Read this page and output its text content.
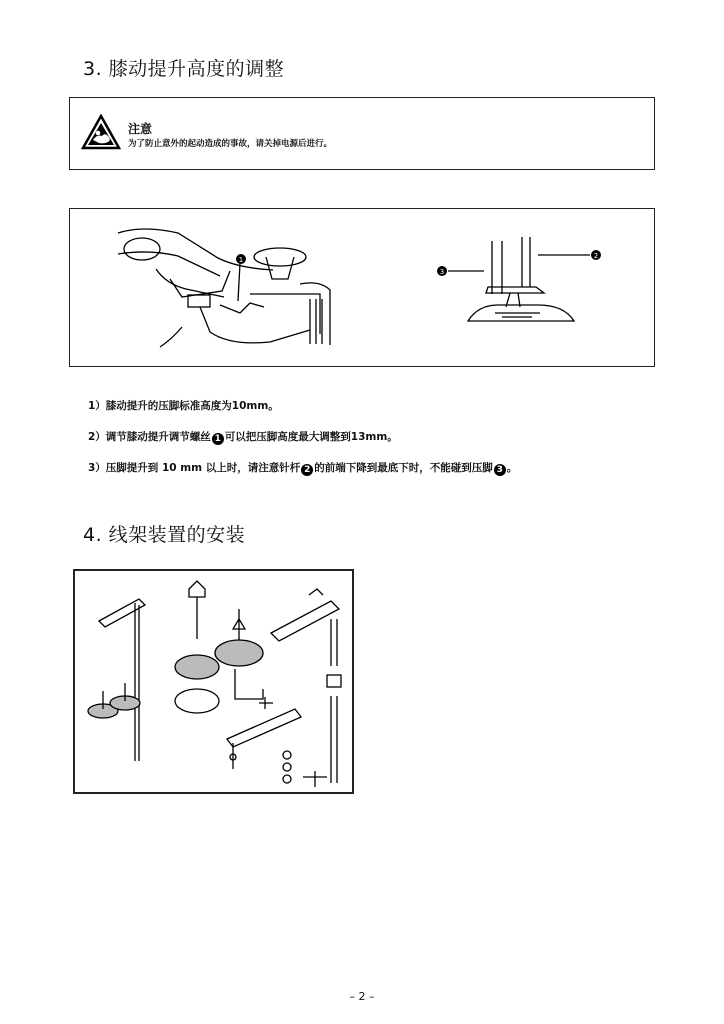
3. 膝动提升高度的调整
注意
为了防止意外的起动造成的事故，请关掉电源后进行。
1
3
2
1）膝动提升的压脚标准高度为10mm。
2）调节膝动提升调节螺丝 1 可以把压脚高度最大调整到13mm。
3）压脚提升到 10 mm 以上时，请注意针杆 2 的前端下降到最底下时，不能碰到压脚 3 。
4. 线架装置的安装
– 2 –
